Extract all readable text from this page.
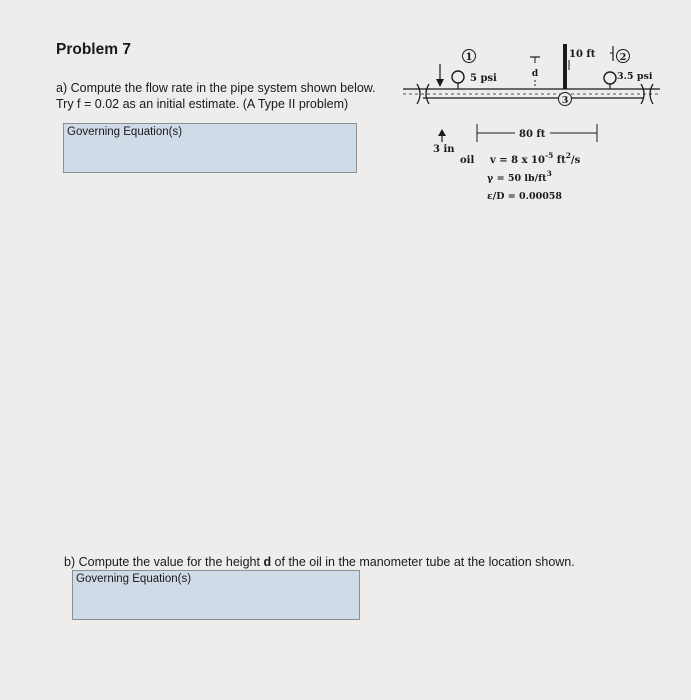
Problem 7
a) Compute the flow rate in the pipe system shown below.
Try f = 0.02 as an initial estimate. (A Type II problem)
Governing Equation(s)
1
5 psi	d
3
10 ft	2
3.5 psi
3 in
80 ft
oil v = 8 x $10^{-5}$ $ft^2/s$
γ = 50 $lb/ft^3$
ε/D = 0.00058
b) Compute the value for the height d of the oil in the manometer tube at the location shown.
Governing Equation(s)
